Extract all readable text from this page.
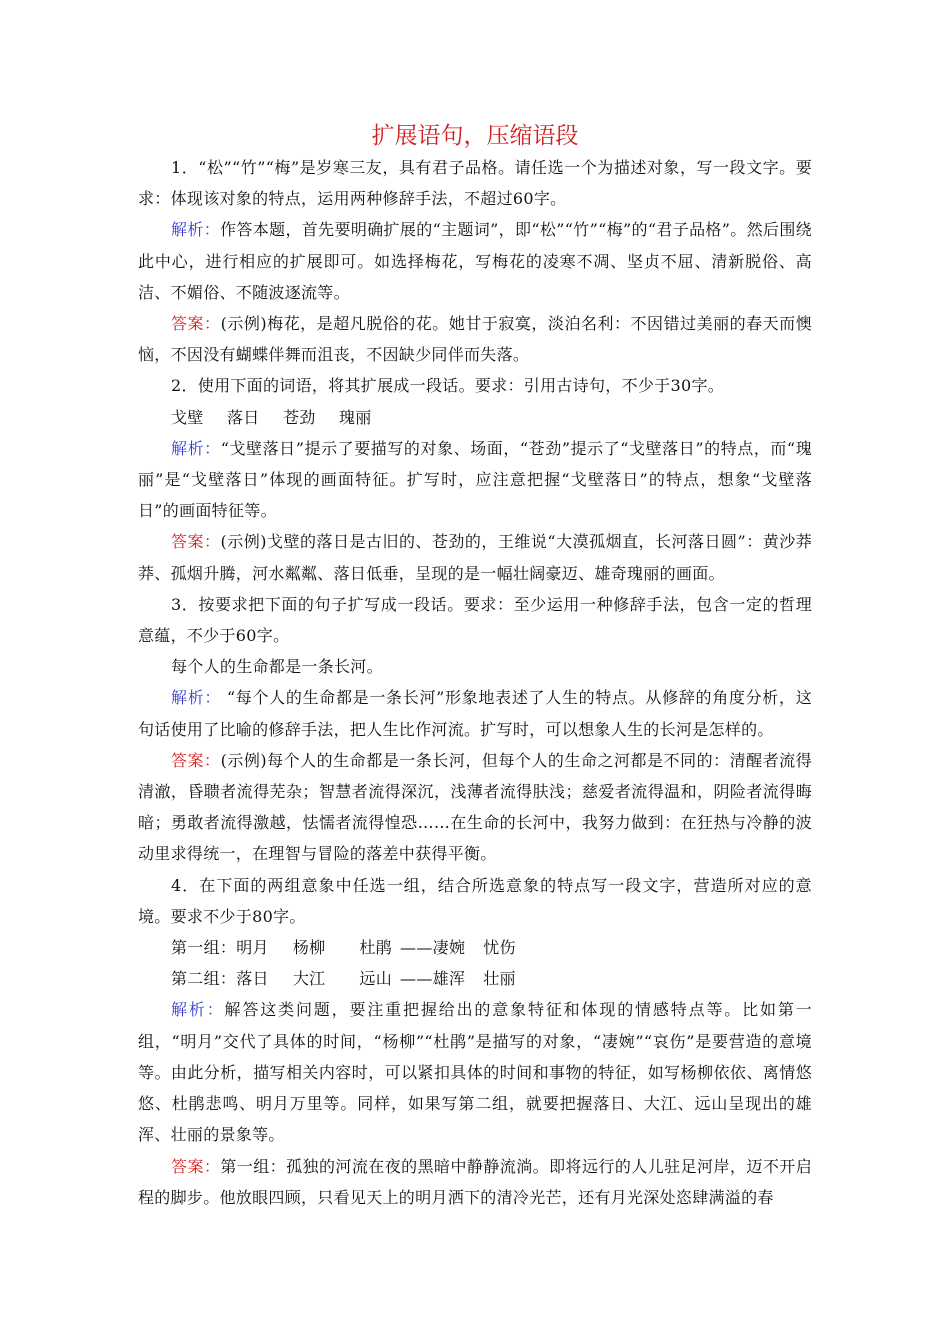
扩展语句，压缩语段

1．“松”“竹”“梅”是岁寒三友，具有君子品格。请任选一个为描述对象，写一段文字。要求：体现该对象的特点，运用两种修辞手法，不超过60字。

解析：作答本题，首先要明确扩展的“主题词”，即“松”“竹”“梅”的“君子品格”。然后围绕此中心，进行相应的扩展即可。如选择梅花，写梅花的凌寒不凋、坚贞不屈、清新脱俗、高洁、不媚俗、不随波逐流等。

答案：(示例)梅花，是超凡脱俗的花。她甘于寂寞，淡泊名利：不因错过美丽的春天而懊恼，不因没有蝴蝶伴舞而沮丧，不因缺少同伴而失落。

2．使用下面的词语，将其扩展成一段话。要求：引用古诗句，不少于30字。

戈壁 落日 苍劲 瑰丽

解析：“戈壁落日”提示了要描写的对象、场面，“苍劲”提示了“戈壁落日”的特点，而“瑰丽”是“戈壁落日”体现的画面特征。扩写时，应注意把握“戈壁落日”的特点，想象“戈壁落日”的画面特征等。

答案：(示例)戈壁的落日是古旧的、苍劲的，王维说“大漠孤烟直，长河落日圆”：黄沙莽莽、孤烟升腾，河水粼粼、落日低垂，呈现的是一幅壮阔豪迈、雄奇瑰丽的画面。

3．按要求把下面的句子扩写成一段话。要求：至少运用一种修辞手法，包含一定的哲理意蕴，不少于60字。

每个人的生命都是一条长河。

解析： “每个人的生命都是一条长河”形象地表述了人生的特点。从修辞的角度分析，这句话使用了比喻的修辞手法，把人生比作河流。扩写时，可以想象人生的长河是怎样的。

答案：(示例)每个人的生命都是一条长河，但每个人的生命之河都是不同的：清醒者流得清澈，昏聩者流得芜杂；智慧者流得深沉，浅薄者流得肤浅；慈爱者流得温和，阴险者流得晦暗；勇敢者流得激越，怯懦者流得惶恐……在生命的长河中，我努力做到：在狂热与冷静的波动里求得统一，在理智与冒险的落差中获得平衡。

4．在下面的两组意象中任选一组，结合所选意象的特点写一段文字，营造所对应的意境。要求不少于80字。

第一组：明月 杨柳 杜鹃 ——凄婉 忧伤
第二组：落日 大江 远山 ——雄浑 壮丽

解析：解答这类问题，要注重把握给出的意象特征和体现的情感特点等。比如第一组，“明月”交代了具体的时间，“杨柳”“杜鹃”是描写的对象，“凄婉”“哀伤”是要营造的意境等。由此分析，描写相关内容时，可以紧扣具体的时间和事物的特征，如写杨柳依依、离情悠悠、杜鹃悲鸣、明月万里等。同样，如果写第二组，就要把握落日、大江、远山呈现出的雄浑、壮丽的景象等。

答案：第一组：孤独的河流在夜的黑暗中静静流淌。即将远行的人儿驻足河岸，迈不开启程的脚步。他放眼四顾，只看见天上的明月洒下的清冷光芒，还有月光深处恣肆满溢的春
